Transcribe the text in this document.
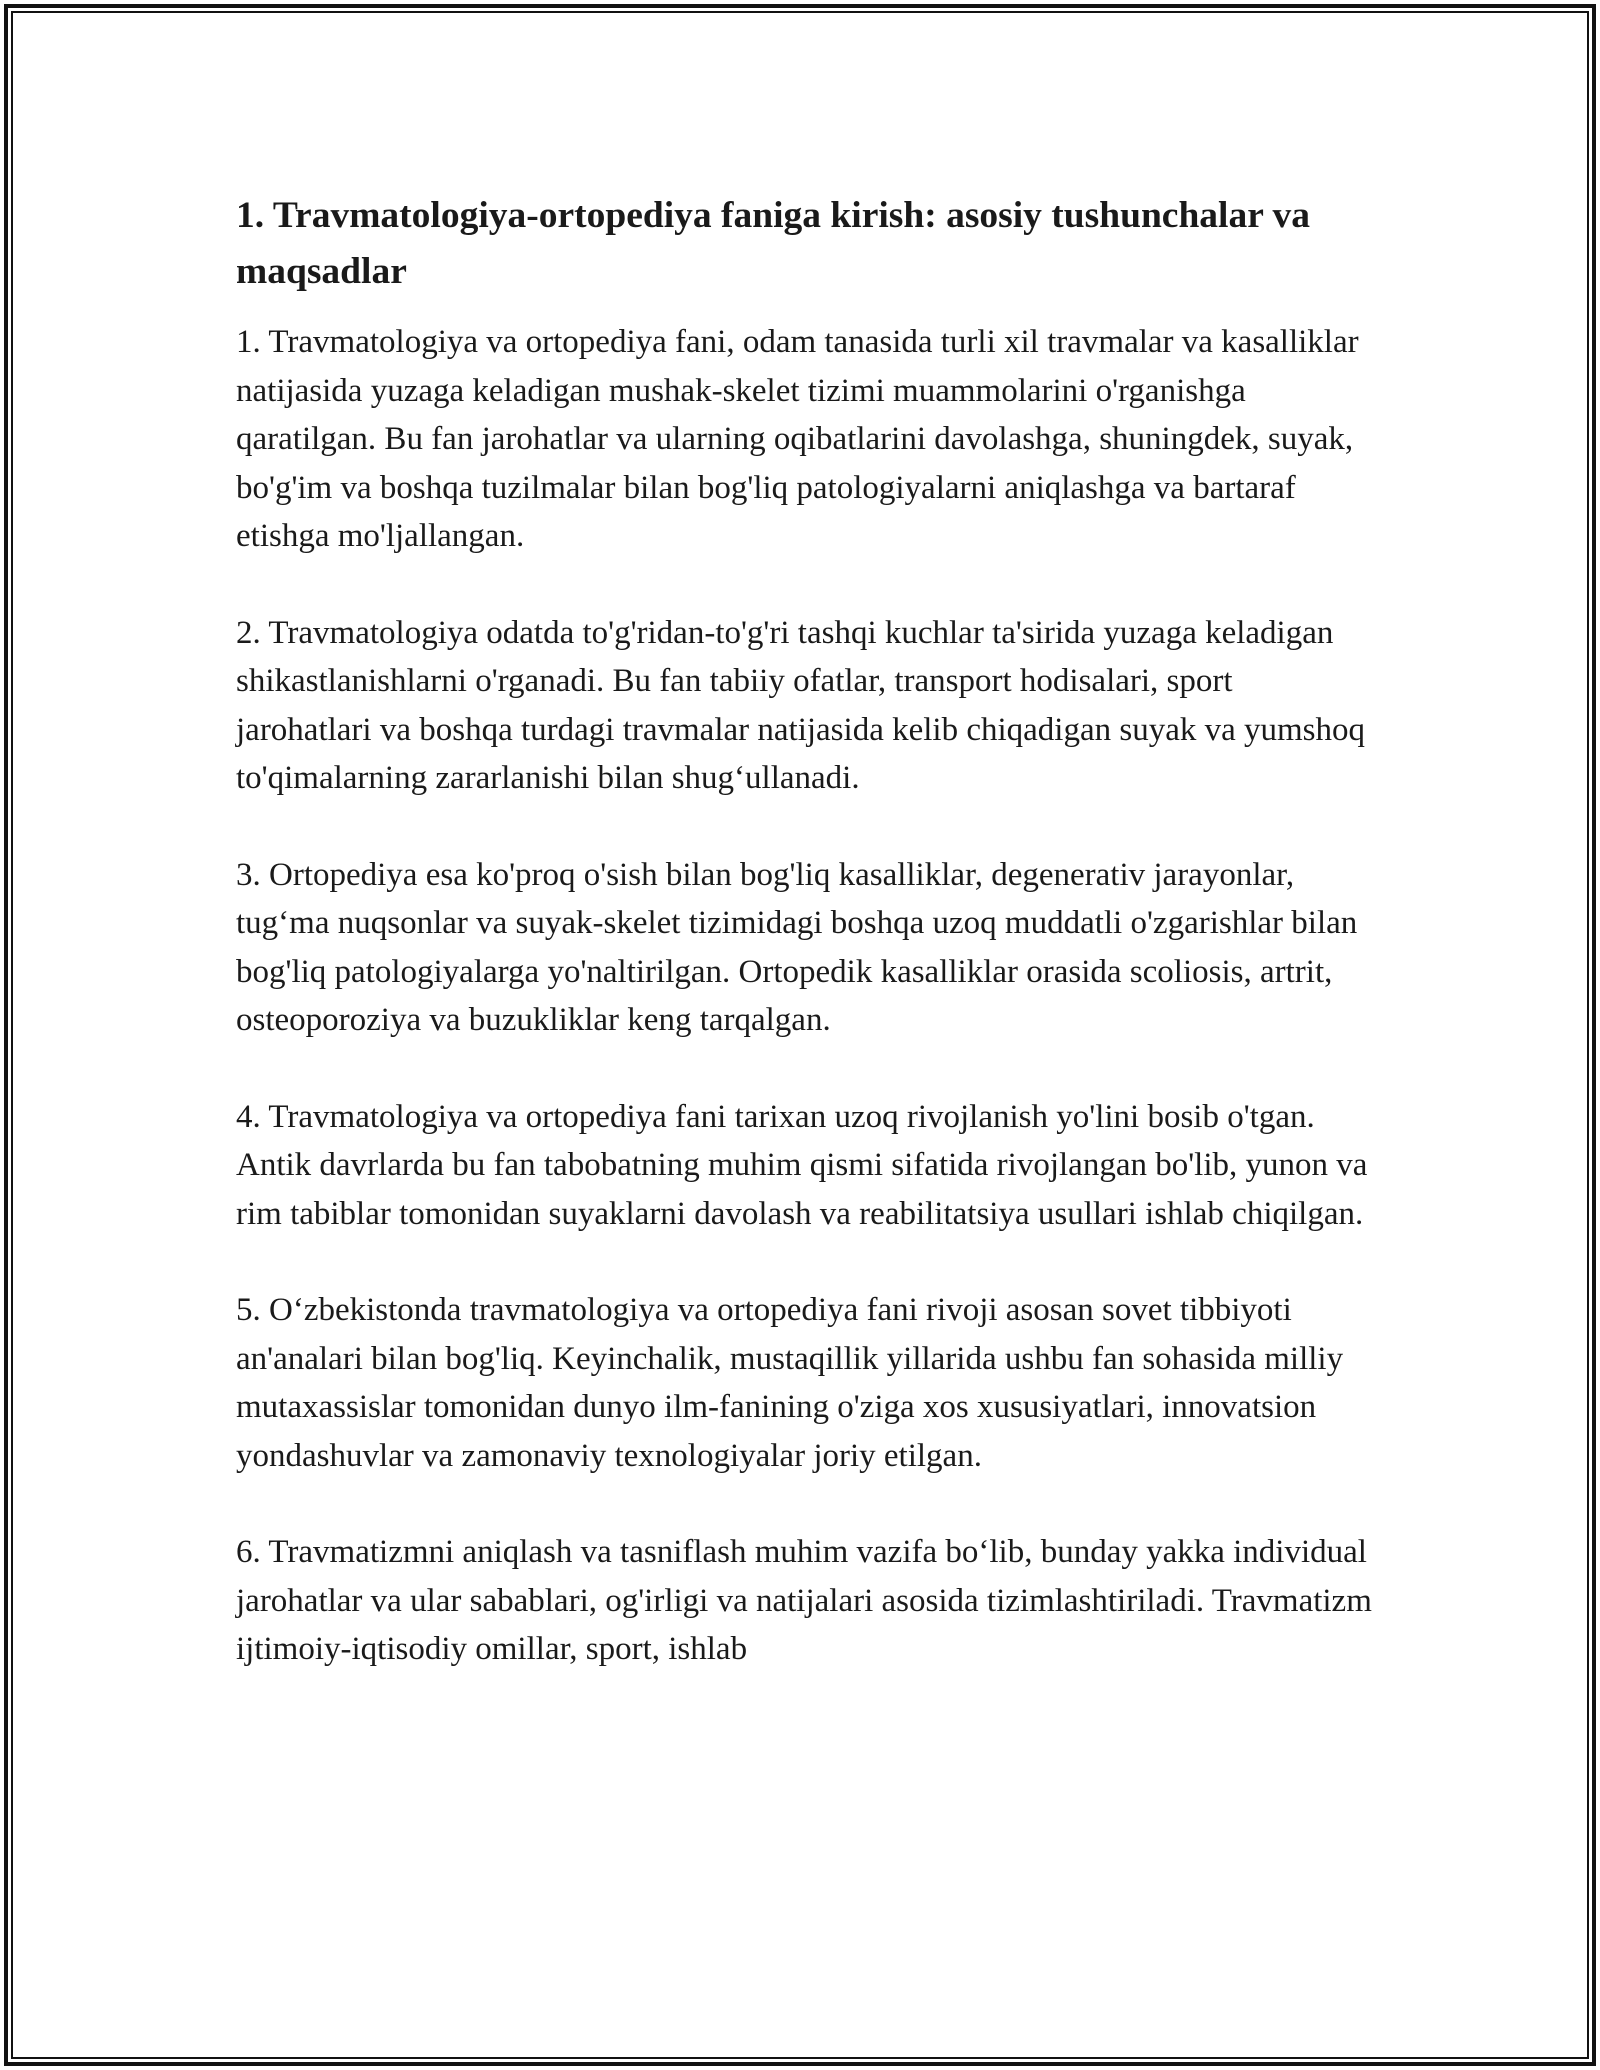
1. Travmatologiya-ortopediya faniga kirish: asosiy tushunchalar va maqsadlar

1. Travmatologiya va ortopediya fani, odam tanasida turli xil travmalar va kasalliklar natijasida yuzaga keladigan mushak-skelet tizimi muammolarini o'rganishga qaratilgan. Bu fan jarohatlar va ularning oqibatlarini davolashga, shuningdek, suyak, bo'g'im va boshqa tuzilmalar bilan bog'liq patologiyalarni aniqlashga va bartaraf etishga mo'ljallangan.

2. Travmatologiya odatda to'g'ridan-to'g'ri tashqi kuchlar ta'sirida yuzaga keladigan shikastlanishlarni o'rganadi. Bu fan tabiiy ofatlar, transport hodisalari, sport jarohatlari va boshqa turdagi travmalar natijasida kelib chiqadigan suyak va yumshoq to'qimalarning zararlanishi bilan shug‘ullanadi.

3. Ortopediya esa ko'proq o'sish bilan bog'liq kasalliklar, degenerativ jarayonlar, tug‘ma nuqsonlar va suyak-skelet tizimidagi boshqa uzoq muddatli o'zgarishlar bilan bog'liq patologiyalarga yo'naltirilgan. Ortopedik kasalliklar orasida scoliosis, artrit, osteoporoziya va buzukliklar keng tarqalgan.

4. Travmatologiya va ortopediya fani tarixan uzoq rivojlanish yo'lini bosib o'tgan. Antik davrlarda bu fan tabobatning muhim qismi sifatida rivojlangan bo'lib, yunon va rim tabiblar tomonidan suyaklarni davolash va reabilitatsiya usullari ishlab chiqilgan.

5. O‘zbekistonda travmatologiya va ortopediya fani rivoji asosan sovet tibbiyoti an'analari bilan bog'liq. Keyinchalik, mustaqillik yillarida ushbu fan sohasida milliy mutaxassislar tomonidan dunyo ilm-fanining o'ziga xos xususiyatlari, innovatsion yondashuvlar va zamonaviy texnologiyalar joriy etilgan.

6. Travmatizmni aniqlash va tasniflash muhim vazifa bo‘lib, bunday yakka individual jarohatlar va ular sabablari, og'irligi va natijalari asosida tizimlashtiriladi. Travmatizm ijtimoiy-iqtisodiy omillar, sport, ishlab
